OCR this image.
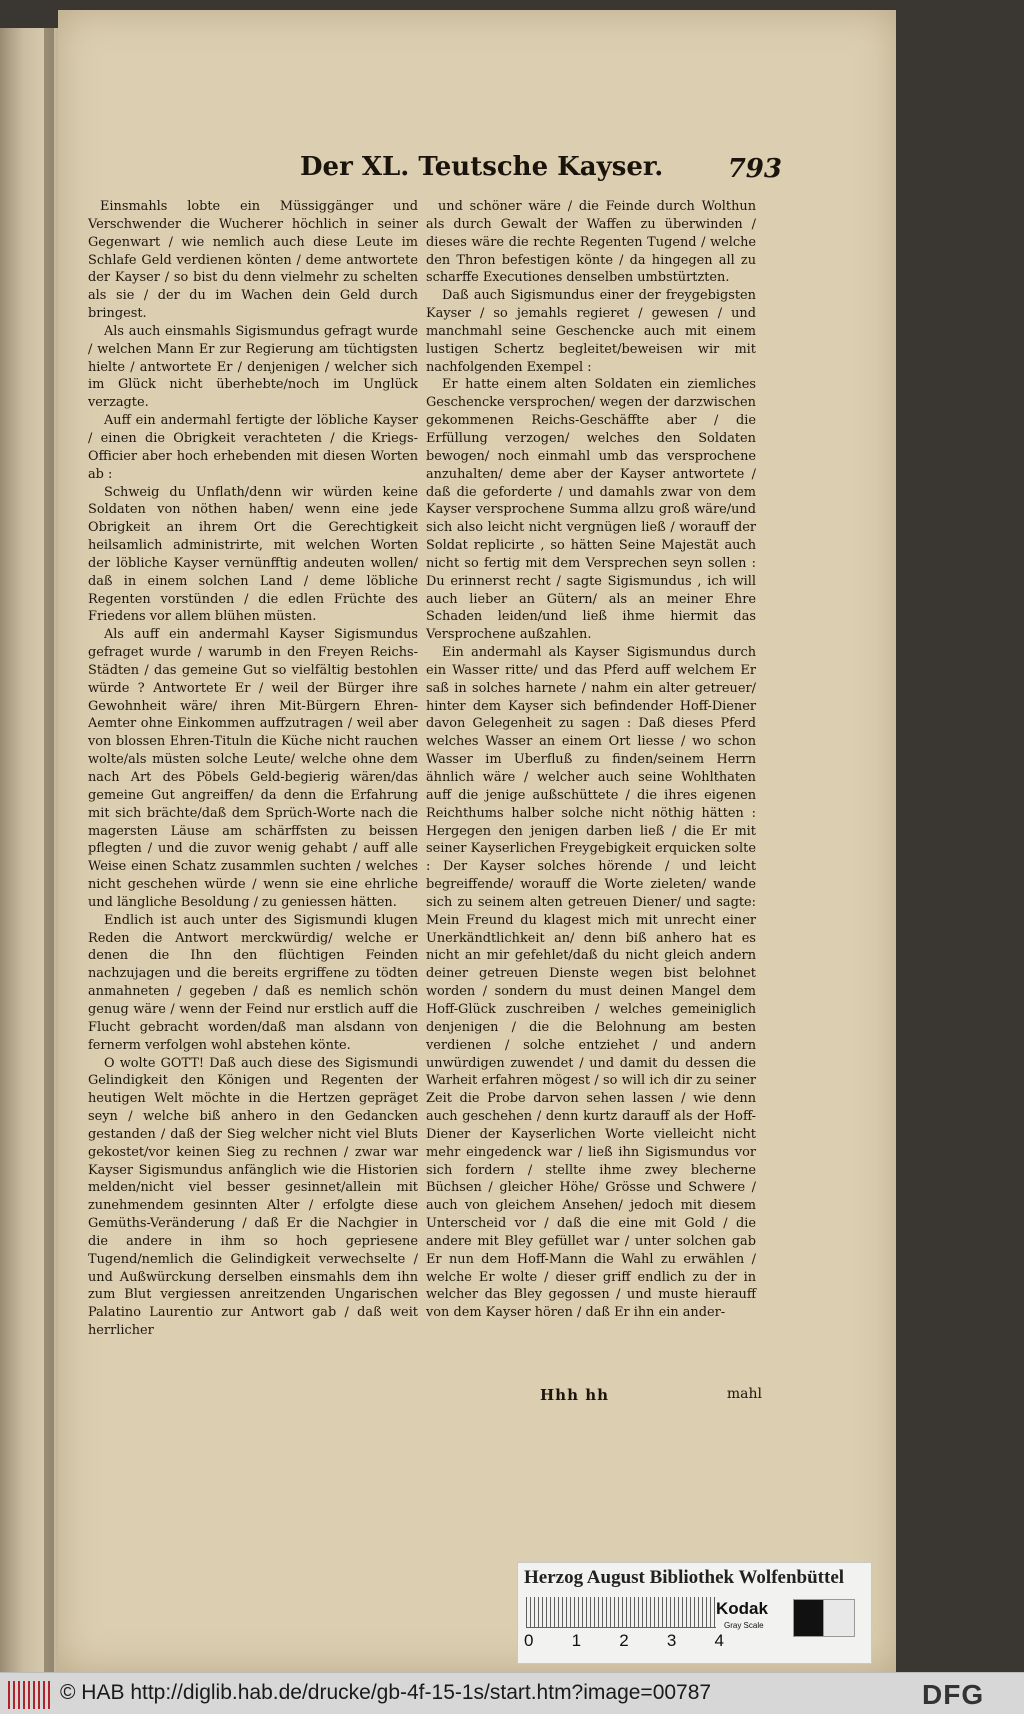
Der XL. Teutsche Kayser.	793

Einsmahls lobte ein Müssiggänger und Verschwender die Wucherer höchlich in seiner Gegenwart / wie nemlich auch diese Leute im Schlafe Geld verdienen könten / deme antwortete der Kayser / so bist du denn vielmehr zu schelten als sie / der du im Wachen dein Geld durch bringest.

Als auch einsmahls Sigismundus gefragt wurde / welchen Mann Er zur Regierung am tüchtigsten hielte / antwortete Er / denjenigen / welcher sich im Glück nicht überhebte/noch im Unglück verzagte.

Auff ein andermahl fertigte der löbliche Kayser / einen die Obrigkeit verachteten / die Kriegs-Officier aber hoch erhebenden mit diesen Worten ab :

Schweig du Unflath/denn wir würden keine Soldaten von nöthen haben/ wenn eine jede Obrigkeit an ihrem Ort die Gerechtigkeit heilsamlich administrirte, mit welchen Worten der löbliche Kayser vernünfftig andeuten wollen/ daß in einem solchen Land / deme löbliche Regenten vorstünden / die edlen Früchte des Friedens vor allem blühen müsten.

Als auff ein andermahl Kayser Sigismundus gefraget wurde / warumb in den Freyen Reichs-Städten / das gemeine Gut so vielfältig bestohlen würde ? Antwortete Er / weil der Bürger ihre Gewohnheit wäre/ ihren Mit-Bürgern Ehren-Aemter ohne Einkommen auffzutragen / weil aber von blossen Ehren-Tituln die Küche nicht rauchen wolte/als müsten solche Leute/ welche ohne dem nach Art des Pöbels Geld-begierig wären/das gemeine Gut angreiffen/ da denn die Erfahrung mit sich brächte/daß dem Sprüch-Worte nach die magersten Läuse am schärffsten zu beissen pflegten / und die zuvor wenig gehabt / auff alle Weise einen Schatz zusammlen suchten / welches nicht geschehen würde / wenn sie eine ehrliche und längliche Besoldung / zu geniessen hätten.

Endlich ist auch unter des Sigismundi klugen Reden die Antwort merckwürdig/ welche er denen die Ihn den flüchtigen Feinden nachzujagen und die bereits ergriffene zu tödten anmahneten / gegeben / daß es nemlich schön genug wäre / wenn der Feind nur erstlich auff die Flucht gebracht worden/daß man alsdann von fernerm verfolgen wohl abstehen könte.

O wolte GOTT! Daß auch diese des Sigismundi Gelindigkeit den Königen und Regenten der heutigen Welt möchte in die Hertzen gepräget seyn / welche biß anhero in den Gedancken gestanden / daß der Sieg welcher nicht viel Bluts gekostet/vor keinen Sieg zu rechnen / zwar war Kayser Sigismundus anfänglich wie die Historien melden/nicht viel besser gesinnet/allein mit zunehmendem gesinnten Alter / erfolgte diese Gemüths-Veränderung / daß Er die Nachgier in die andere in ihm so hoch gepriesene Tugend/nemlich die Gelindigkeit verwechselte / und Außwürckung derselben einsmahls dem ihn zum Blut vergiessen anreitzenden Ungarischen Palatino Laurentio zur Antwort gab / daß weit herrlicher

und schöner wäre / die Feinde durch Wolthun als durch Gewalt der Waffen zu überwinden / dieses wäre die rechte Regenten Tugend / welche den Thron befestigen könte / da hingegen all zu scharffe Executiones denselben umbstürtzten.

Daß auch Sigismundus einer der freygebigsten Kayser / so jemahls regieret / gewesen / und manchmahl seine Geschencke auch mit einem lustigen Schertz begleitet/beweisen wir mit nachfolgenden Exempel :

Er hatte einem alten Soldaten ein ziemliches Geschencke versprochen/ wegen der darzwischen gekommenen Reichs-Geschäffte aber / die Erfüllung verzogen/ welches den Soldaten bewogen/ noch einmahl umb das versprochene anzuhalten/ deme aber der Kayser antwortete / daß die geforderte / und damahls zwar von dem Kayser versprochene Summa allzu groß wäre/und sich also leicht nicht vergnügen ließ / worauff der Soldat replicirte , so hätten Seine Majestät auch nicht so fertig mit dem Versprechen seyn sollen : Du erinnerst recht / sagte Sigismundus , ich will auch lieber an Gütern/ als an meiner Ehre Schaden leiden/und ließ ihme hiermit das Versprochene außzahlen.

Ein andermahl als Kayser Sigismundus durch ein Wasser ritte/ und das Pferd auff welchem Er saß in solches harnete / nahm ein alter getreuer/ hinter dem Kayser sich befindender Hoff-Diener davon Gelegenheit zu sagen : Daß dieses Pferd welches Wasser an einem Ort liesse / wo schon Wasser im Uberfluß zu finden/seinem Herrn ähnlich wäre / welcher auch seine Wohlthaten auff die jenige außschüttete / die ihres eigenen Reichthums halber solche nicht nöthig hätten : Hergegen den jenigen darben ließ / die Er mit seiner Kayserlichen Freygebigkeit erquicken solte : Der Kayser solches hörende / und leicht begreiffende/ worauff die Worte zieleten/ wande sich zu seinem alten getreuen Diener/ und sagte: Mein Freund du klagest mich mit unrecht einer Unerkändtlichkeit an/ denn biß anhero hat es nicht an mir gefehlet/daß du nicht gleich andern deiner getreuen Dienste wegen bist belohnet worden / sondern du must deinen Mangel dem Hoff-Glück zuschreiben / welches gemeiniglich denjenigen / die die Belohnung am besten verdienen / solche entziehet / und andern unwürdigen zuwendet / und damit du dessen die Warheit erfahren mögest / so will ich dir zu seiner Zeit die Probe darvon sehen lassen / wie denn auch geschehen / denn kurtz darauff als der Hoff-Diener der Kayserlichen Worte vielleicht nicht mehr eingedenck war / ließ ihn Sigismundus vor sich fordern / stellte ihme zwey blecherne Büchsen / gleicher Höhe/ Grösse und Schwere / auch von gleichem Ansehen/ jedoch mit diesem Unterscheid vor / daß die eine mit Gold / die andere mit Bley gefüllet war / unter solchen gab Er nun dem Hoff-Mann die Wahl zu erwählen / welche Er wolte / dieser griff endlich zu der in welcher das Bley gegossen / und muste hierauff von dem Kayser hören / daß Er ihn ein ander-

Hhh hh	mahl
Herzog August Bibliothek Wolfenbüttel
0 1 2 3 4
Kodak
Gray Scale
© HAB http://diglib.hab.de/drucke/gb-4f-15-1s/start.htm?image=00787	DFG
